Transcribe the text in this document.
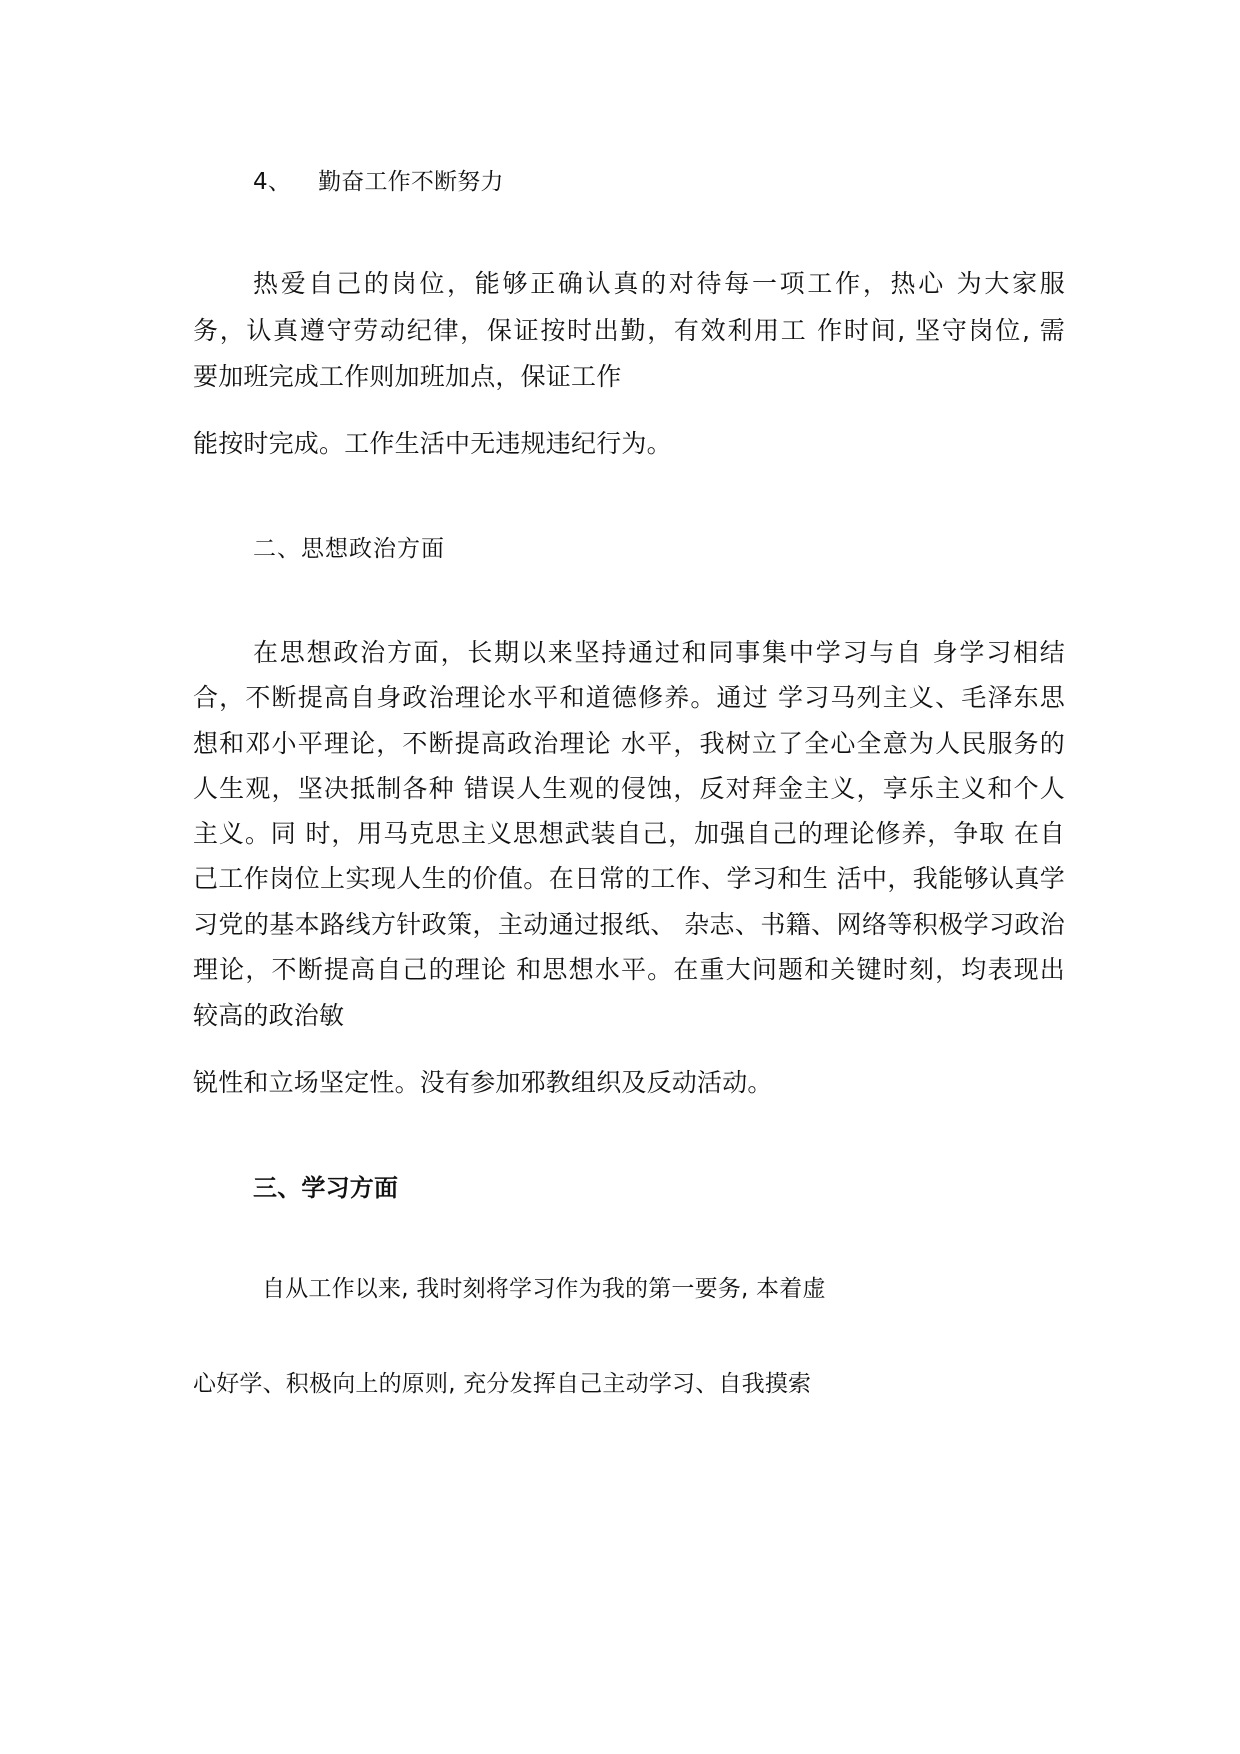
4、 勤奋工作不断努力
热爱自己的岗位，能够正确认真的对待每一项工作，热心 为大家服
务，认真遵守劳动纪律，保证按时出勤，有效利用工 作时间, 坚守岗位, 需
要加班完成工作则加班加点，保证工作
能按时完成。工作生活中无违规违纪行为。
二、思想政治方面
在思想政治方面，长期以来坚持通过和同事集中学习与自 身学习相结
合，不断提高自身政治理论水平和道德修养。通过 学习马列主义、毛泽东思
想和邓小平理论，不断提高政治理论 水平，我树立了全心全意为人民服务的
人生观，坚决抵制各种 错误人生观的侵蚀，反对拜金主义，享乐主义和个人
主义。同 时，用马克思主义思想武装自己，加强自己的理论修养，争取 在自
己工作岗位上实现人生的价值。在日常的工作、学习和生 活中，我能够认真学
习党的基本路线方针政策，主动通过报纸、 杂志、书籍、网络等积极学习政治
理论，不断提高自己的理论 和思想水平。在重大问题和关键时刻，均表现出
较高的政治敏
锐性和立场坚定性。没有参加邪教组织及反动活动。
三、学习方面
自从工作以来, 我时刻将学习作为我的第一要务, 本着虚
心好学、积极向上的原则, 充分发挥自己主动学习、自我摸索
